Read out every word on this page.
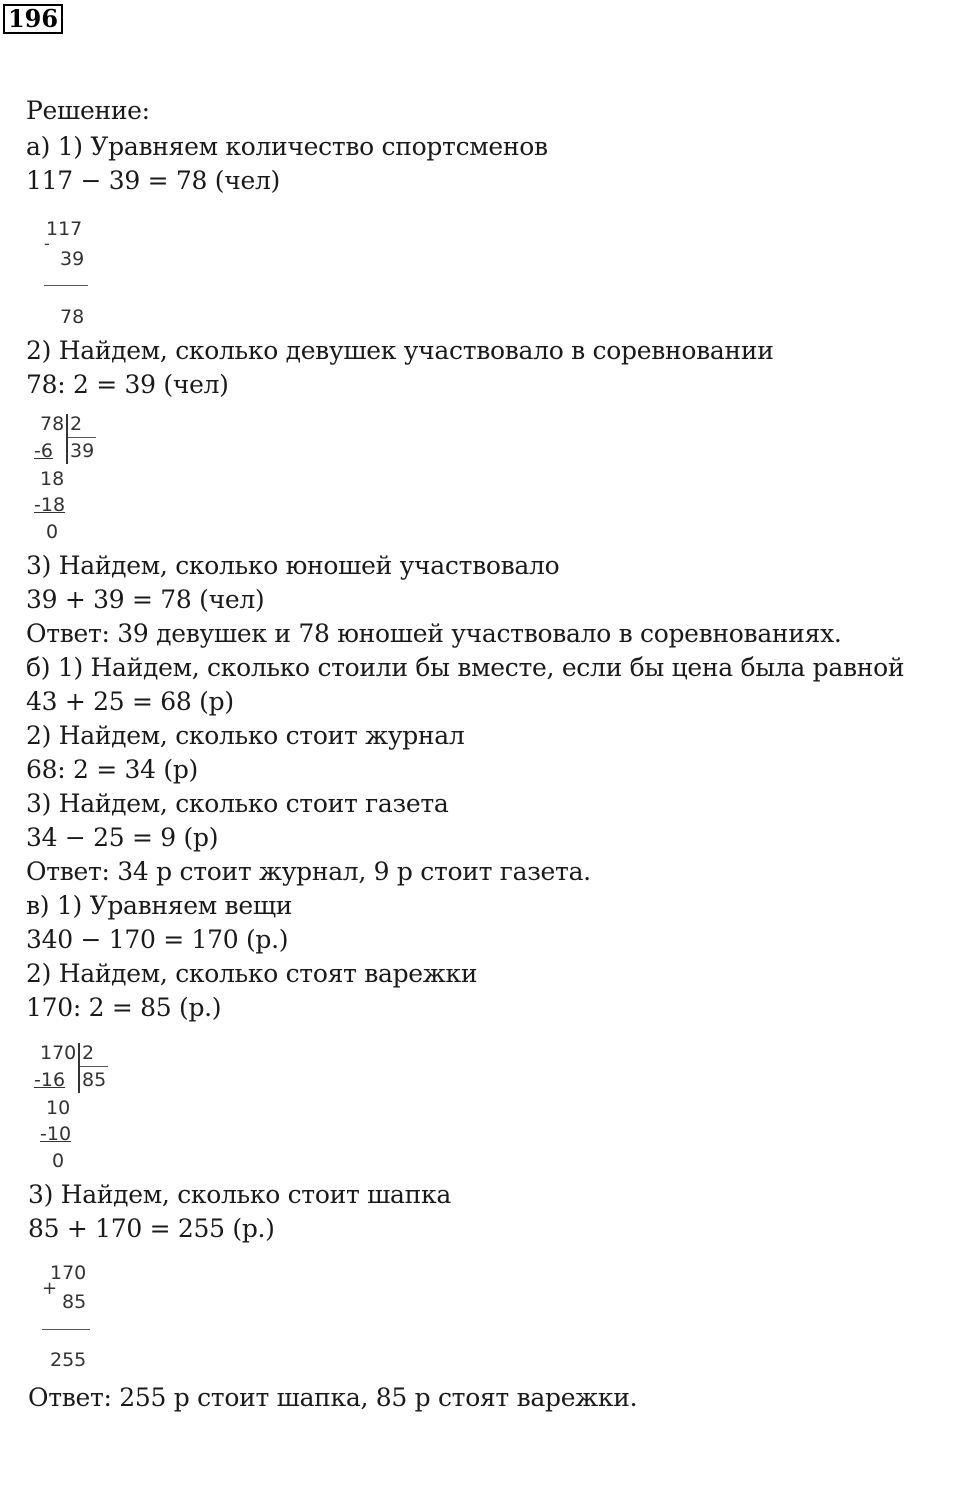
196
Решение:
а) 1) Уравняем количество спортсменов
117 − 39 = 78 (чел)
117
-
39
78
2) Найдем, сколько девушек участвовало в соревновании
78: 2 = 39 (чел)
78 2
39
-6
18
-18
0
3) Найдем, сколько юношей участвовало
39 + 39 = 78 (чел)
Ответ: 39 девушек и 78 юношей участвовало в соревнованиях.
б) 1) Найдем, сколько стоили бы вместе, если бы цена была равной
43 + 25 = 68 (р)
2) Найдем, сколько стоит журнал
68: 2 = 34 (р)
3) Найдем, сколько стоит газета
34 − 25 = 9 (р)
Ответ: 34 р стоит журнал, 9 р стоит газета.
в) 1) Уравняем вещи
340 − 170 = 170 (р.)
2) Найдем, сколько стоят варежки
170: 2 = 85 (р.)
170 2
85
-16
10
-10
0
3) Найдем, сколько стоит шапка
85 + 170 = 255 (р.)
170
+
85
255
Ответ: 255 р стоит шапка, 85 р стоят варежки.
